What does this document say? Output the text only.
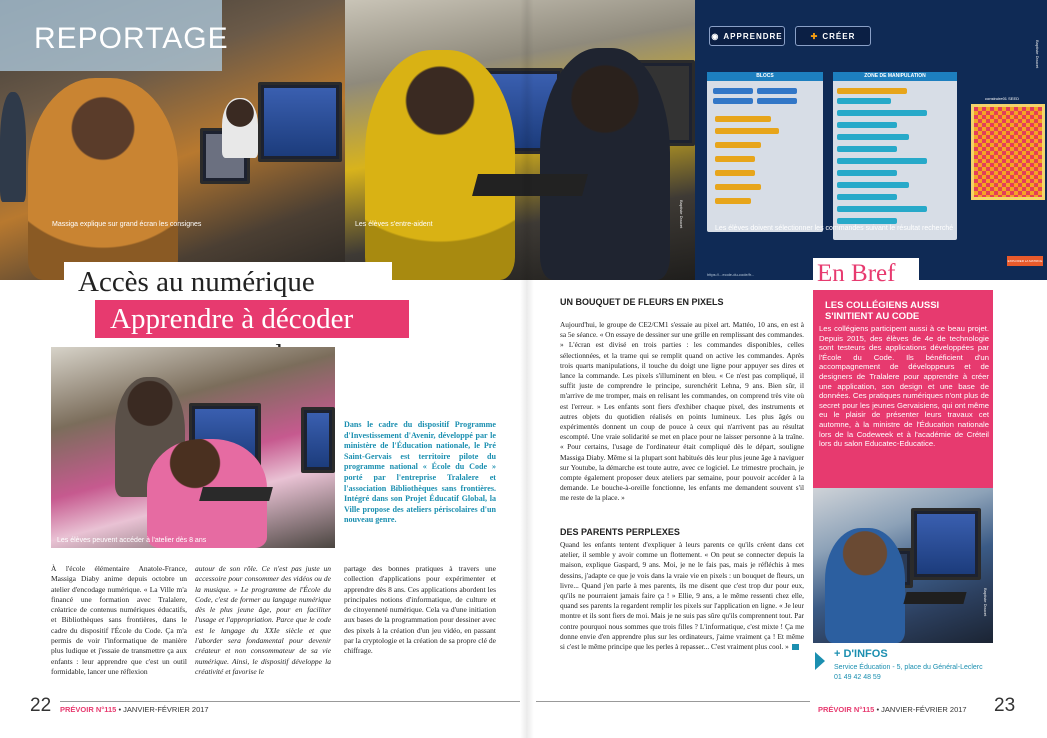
Massiga explique sur grand écran les consignes	Les élèves s'entre-aident	Baptiste Doucet
◉ APPRENDRE	✚ CRÉER
Baptiste Doucet
BLOCS	ZONE DE MANIPULATION
construire01 SEED
EXPLORER LA MATRICE
https://...ecole-du-code/fr...
Les élèves doivent sélectionner les commandes suivant le résultat recherché
REPORTAGE
Accès au numérique
Apprendre à décoder
Les élèves peuvent accéder à l'atelier dès 8 ans
Dans le cadre du dispositif Programme d'Investissement d'Avenir, développé par le ministère de l'Éducation nationale, le Pré Saint-Gervais est territoire pilote du programme national « École du Code » porté par l'entreprise Tralalere et l'association Bibliothèques sans frontières. Intégré dans son Projet Éducatif Global, la Ville propose des ateliers périscolaires d'un nouveau genre.
À l'école élémentaire Anatole-France, Massiga Diaby anime depuis octobre un atelier d'encodage numérique. « La Ville m'a financé une formation avec Tralalere, créatrice de contenus numériques éducatifs, et Bibliothèques sans frontières, dans le cadre du dispositif l'École du Code. Ça m'a permis de voir l'informatique de manière plus ludique et j'essaie de transmettre ça aux enfants : leur apprendre que c'est un outil formidable, lancer une réflexion
autour de son rôle. Ce n'est pas juste un accessoire pour consommer des vidéos ou de la musique. » Le programme de l'École du Code, c'est de former au langage numérique dès le plus jeune âge, pour en faciliter l'usage et l'appropriation. Parce que le code est le langage du XXIe siècle et que l'aborder sera fondamental pour devenir créateur et non consommateur de sa vie numérique. Ainsi, le dispositif développe la créativité et favorise le
partage des bonnes pratiques à travers une collection d'applications pour expérimenter et apprendre dès 8 ans. Ces applications abordent les principales notions d'informatique, de culture et de citoyenneté numérique. Cela va d'une initiation aux bases de la programmation pour dessiner avec des pixels à la création d'un jeu vidéo, en passant par la cryptologie et la création de sa propre clé de chiffrage.
UN BOUQUET DE FLEURS EN PIXELS
Aujourd'hui, le groupe de CE2/CM1 s'essaie au pixel art. Mattéo, 10 ans, en est à sa 5e séance. « On essaye de dessiner sur une grille en remplissant des commandes. » L'écran est divisé en trois parties : les commandes disponibles, celles sélectionnées, et la trame qui se remplit quand on active les commandes. Après trois quarts manipulations, il touche du doigt une ligne pour appuyer ses dires et lance la commande. Les pixels s'illuminent en bleu. « Ce n'est pas compliqué, il suffit juste de comprendre le principe, surenchérit Lehna, 9 ans. Bien sûr, il m'arrive de me tromper, mais en relisant les commandes, on comprend très vite où est l'erreur. » Les enfants sont fiers d'exhiber chaque pixel, des instruments et autres objets du quotidien réalisés en points lumineux. Les plus âgés ou expérimentés donnent un coup de pouce à ceux qui n'arrivent pas au résultat escompté. Une vraie solidarité se met en place pour ne laisser personne à la traîne. « Pour certains, l'usage de l'ordinateur était compliqué dès le départ, souligne Massiga Diaby. Même si la plupart sont habitués dès leur plus jeune âge à naviguer sur Youtube, la démarche est toute autre, avec ce logiciel. Le trimestre prochain, je compte également proposer deux ateliers par semaine, pour pouvoir accéder à la demande. Le bouche-à-oreille fonctionne, les enfants me demandent souvent s'il me reste de la place. »
DES PARENTS PERPLEXES
Quand les enfants tentent d'expliquer à leurs parents ce qu'ils créent dans cet atelier, il semble y avoir comme un flottement. « On peut se connecter depuis la maison, explique Gaspard, 9 ans. Moi, je ne le fais pas, mais je réfléchis à mes dessins, j'adapte ce que je vois dans la vraie vie en pixels : un bouquet de fleurs, un livre... Quand j'en parle à mes parents, ils me disent que c'est trop dur pour eux, qu'ils ne pourraient jamais faire ça ! » Ellie, 9 ans, a le même ressenti chez elle, quand ses parents la regardent remplir les pixels sur l'application en ligne. « Je leur montre et ils sont fiers de moi. Mais je ne suis pas sûre qu'ils comprennent tout. Par contre pourquoi nous sommes que trois filles ? L'informatique, c'est mixte ! Ça me donne envie d'en apprendre plus sur les ordinateurs, j'aime vraiment ça ! Et même si c'est le même principe que les perles à repasser... C'est vraiment plus cool. »
En Bref
LES COLLÉGIENS AUSSI S'INITIENT AU CODE
Les collégiens participent aussi à ce beau projet. Depuis 2015, des élèves de 4e de technologie sont testeurs des applications développées par l'École du Code. Ils bénéficient d'un accompagnement de développeurs et de designers de Tralalere pour apprendre à créer une application, son design et une base de données. Ces pratiques numériques n'ont plus de secret pour les jeunes Gervaisiens, qui ont même eu le plaisir de présenter leurs travaux cet automne, à la ministre de l'Éducation nationale lors de la Codeweek et à l'académie de Créteil lors du salon Educatec-Educatice.
Baptiste Doucet
+ D'INFOS
Service Éducation - 5, place du Général-Leclerc
01 49 42 48 59
22 PRÉVOIR N°115 • JANVIER-FÉVRIER 2017	PRÉVOIR N°115 • JANVIER-FÉVRIER 2017 23
